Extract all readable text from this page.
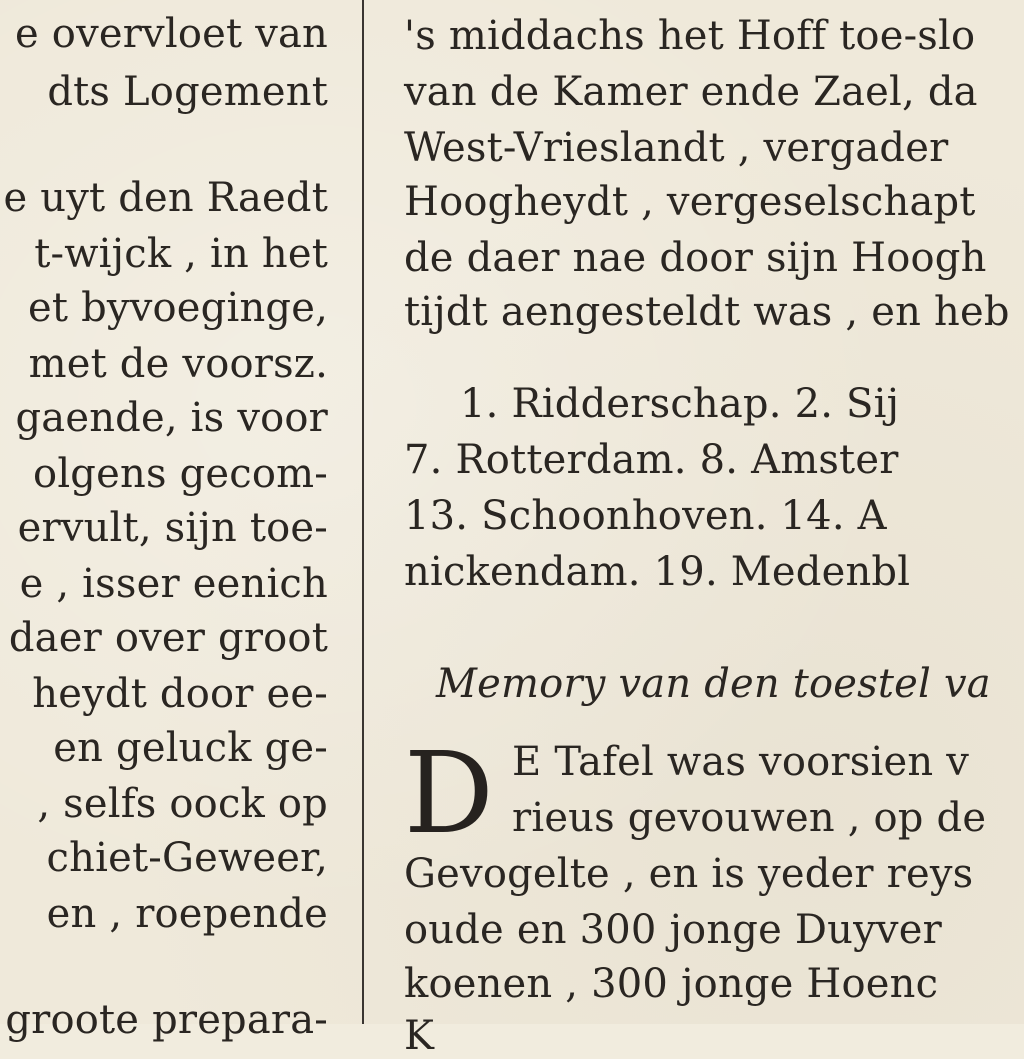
e overvloet van
dts Logement
e uyt den Raedt
t-wijck , in het
et byvoeginge,
met de voorsz.
gaende, is voor
olgens gecom-
ervult, sijn toe-
e , isser eenich
daer over groot
heydt door ee-
en geluck ge-
, selfs oock op
chiet-Geweer,
en , roepende
groote prepara-
's middachs het Hoff toe-slo
van de Kamer ende Zael, da
West-Vrieslandt , vergader
Hoogheydt , vergeselschapt
de daer nae door sijn Hoogh
tijdt aengesteldt was , en heb
1. Ridderschap. 2. Sij
7. Rotterdam. 8. Amster
13. Schoonhoven. 14. A
nickendam. 19. Medenbl
Memory van den toestel va
D E Tafel was voorsien v
rieus gevouwen , op de
Gevogelte , en is yeder reys
oude en 300 jonge Duyver
koenen , 300 jonge Hoenc
K
